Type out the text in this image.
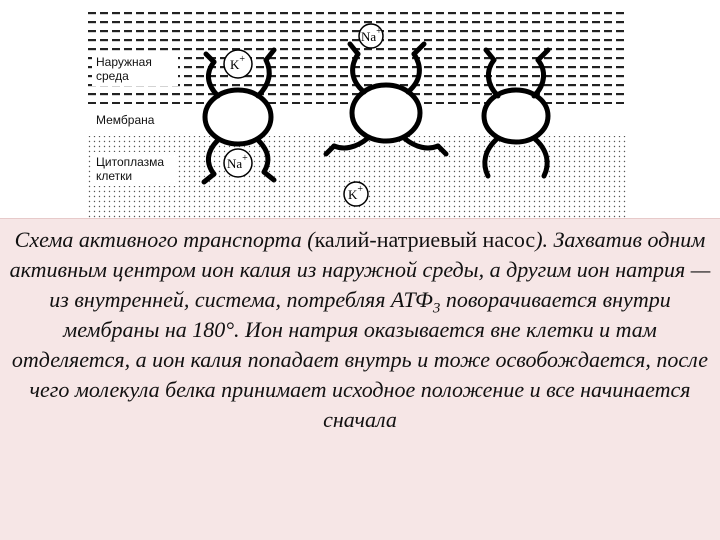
Наружная
среда
Мембрана
Цитоплазма
клетки
Na+
K+
Na+
K+

Схема активного транспорта (калий-натриевый насос). Захватив одним активным центром ион калия из наружной среды, а другим ион натрия — из внутренней, система, потребляя $АТФ_3$ поворачивается внутри мембраны на 180°. Ион натрия оказывается вне клетки и там отделяется, а ион калия попадает внутрь и тоже освобождается, после чего молекула белка принимает исходное положение и все начинается сначала
